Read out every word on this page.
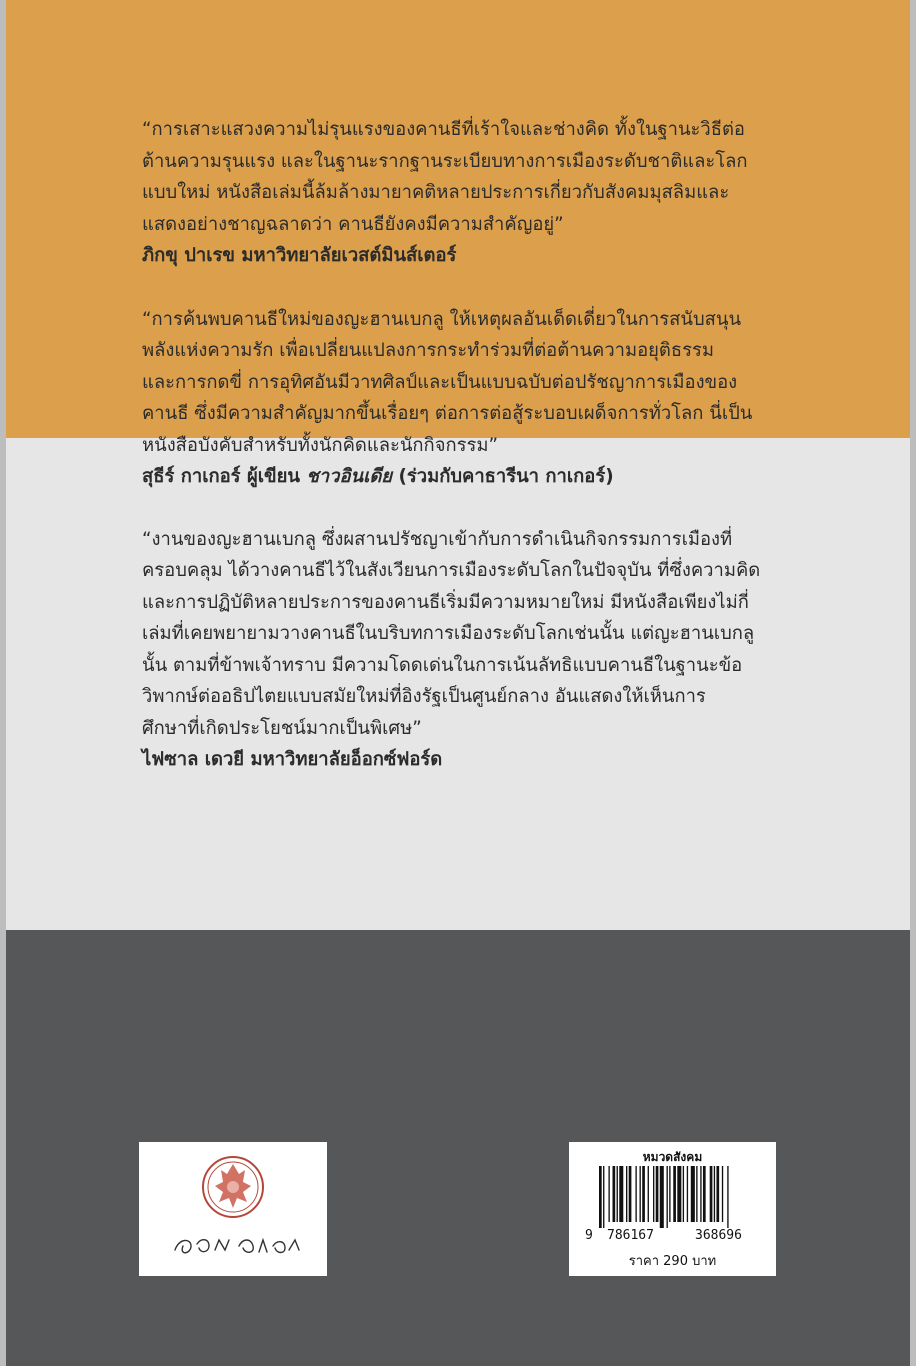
“การเสาะแสวงความไม่รุนแรงของคานธีที่เร้าใจและช่างคิด ทั้งในฐานะวิธีต่อ

ต้านความรุนแรง และในฐานะรากฐานระเบียบทางการเมืองระดับชาติและโลก

แบบใหม่ หนังสือเล่มนี้ล้มล้างมายาคติหลายประการเกี่ยวกับสังคมมุสลิมและ

แสดงอย่างชาญฉลาดว่า คานธียังคงมีความสำคัญอยู่”

ภิกขุ ปาเรข มหาวิทยาลัยเวสต์มินส์เตอร์

“การค้นพบคานธีใหม่ของญะฮานเบกลู ให้เหตุผลอันเด็ดเดี่ยวในการสนับสนุน

พลังแห่งความรัก เพื่อเปลี่ยนแปลงการกระทำร่วมที่ต่อต้านความอยุติธรรม

และการกดขี่ การอุทิศอันมีวาทศิลป์และเป็นแบบฉบับต่อปรัชญาการเมืองของ

คานธี ซึ่งมีความสำคัญมากขึ้นเรื่อยๆ ต่อการต่อสู้ระบอบเผด็จการทั่วโลก นี่เป็น

หนังสือบังคับสำหรับทั้งนักคิดและนักกิจกรรม”

สุธีร์ กาเกอร์ ผู้เขียน ชาวอินเดีย (ร่วมกับคาธารีนา กาเกอร์)

“งานของญะฮานเบกลู ซึ่งผสานปรัชญาเข้ากับการดำเนินกิจกรรมการเมืองที่

ครอบคลุม ได้วางคานธีไว้ในสังเวียนการเมืองระดับโลกในปัจจุบัน ที่ซึ่งความคิด

และการปฏิบัติหลายประการของคานธีเริ่มมีความหมายใหม่ มีหนังสือเพียงไม่กี่

เล่มที่เคยพยายามวางคานธีในบริบทการเมืองระดับโลกเช่นนั้น แต่ญะฮานเบกลู

นั้น ตามที่ข้าพเจ้าทราบ มีความโดดเด่นในการเน้นลัทธิแบบคานธีในฐานะข้อ

วิพากษ์ต่ออธิปไตยแบบสมัยใหม่ที่อิงรัฐเป็นศูนย์กลาง อันแสดงให้เห็นการ

ศึกษาที่เกิดประโยชน์มากเป็นพิเศษ”

ไฟซาล เดวยี มหาวิทยาลัยอ็อกซ์ฟอร์ด
หมวดสังคม
9 786167	368696
ราคา 290 บาท
